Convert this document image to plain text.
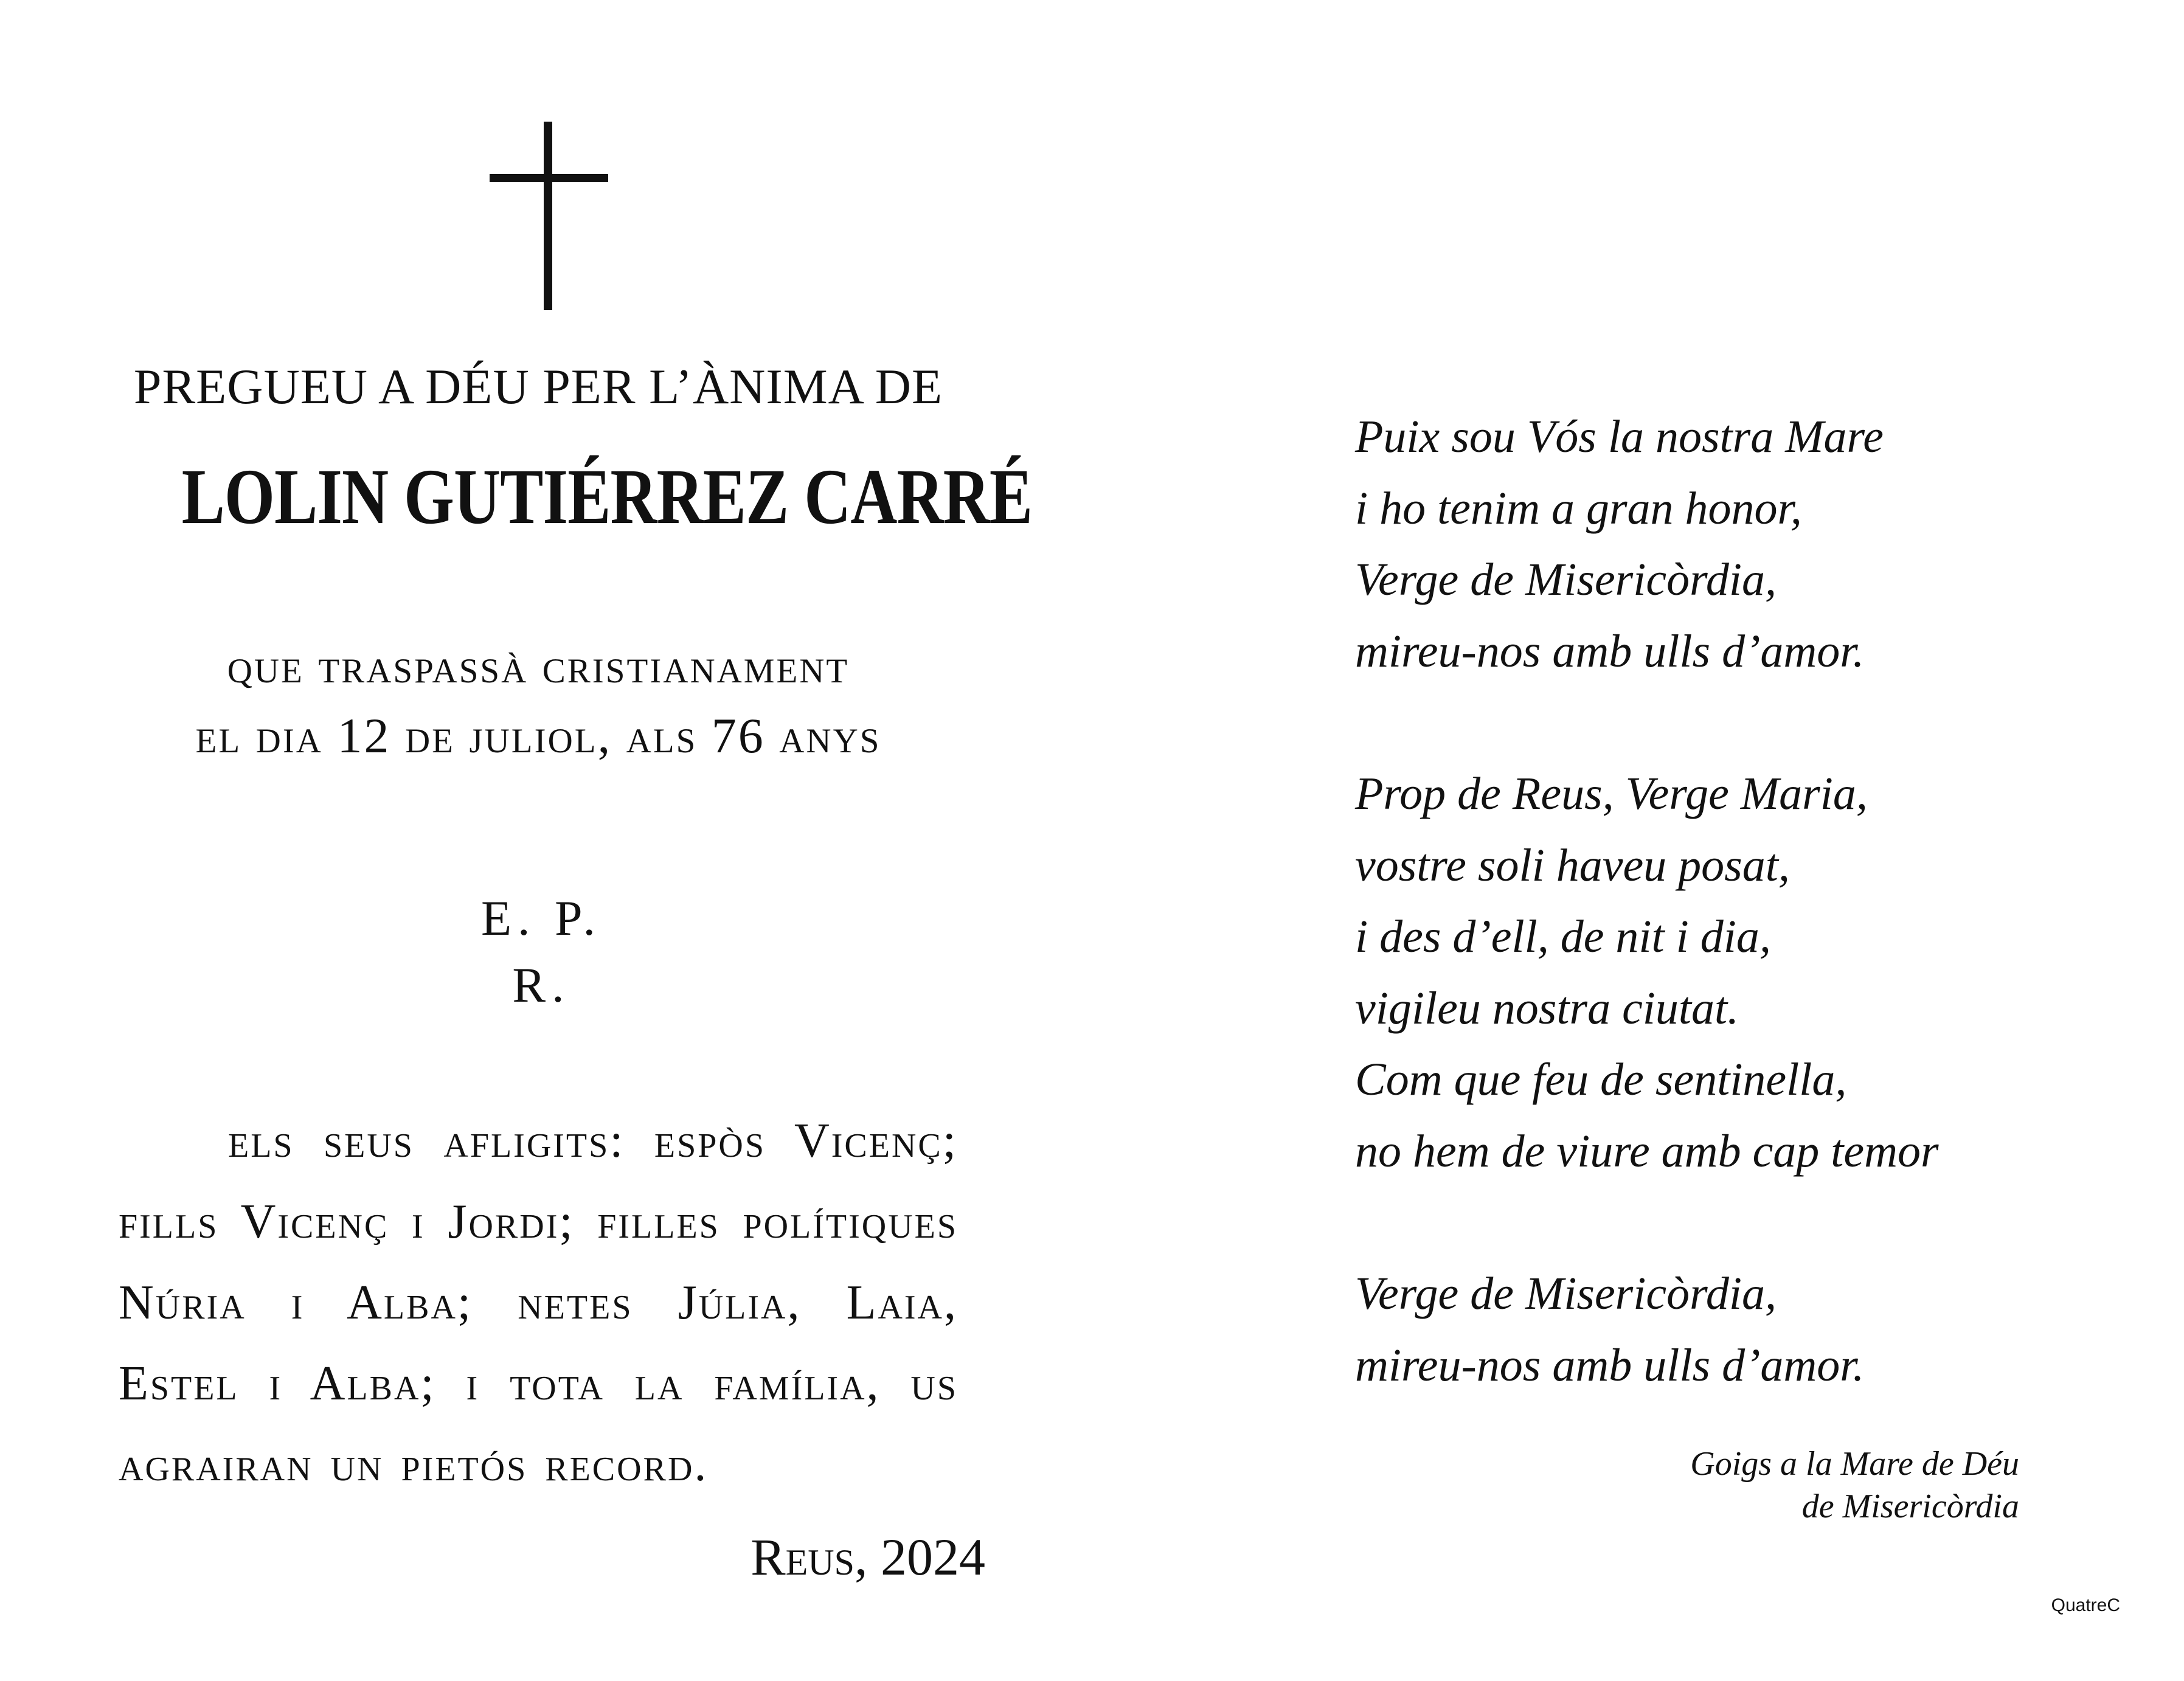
PREGUEU A DÉU PER L’ÀNIMA DE
LOLIN GUTIÉRREZ CARRÉ
que traspassà cristianament
el dia 12 de juliol, als 76 anys
E. P. R.
els seus afligits: espòs Vicenç; fills Vicenç i Jordi; filles polítiques Núria i Alba; netes Júlia, Laia, Estel i Alba; i tota la família, us agrairan un pietós record.
Reus, 2024
Puix sou Vós la nostra Mare
i ho tenim a gran honor,
Verge de Misericòrdia,
mireu-nos amb ulls d’amor.
Prop de Reus, Verge Maria,
vostre soli haveu posat,
i des d’ell, de nit i dia,
vigileu nostra ciutat.
Com que feu de sentinella,
no hem de viure amb cap temor
Verge de Misericòrdia,
mireu-nos amb ulls d’amor.
Goigs a la Mare de Déu
de Misericòrdia
QuatreC
